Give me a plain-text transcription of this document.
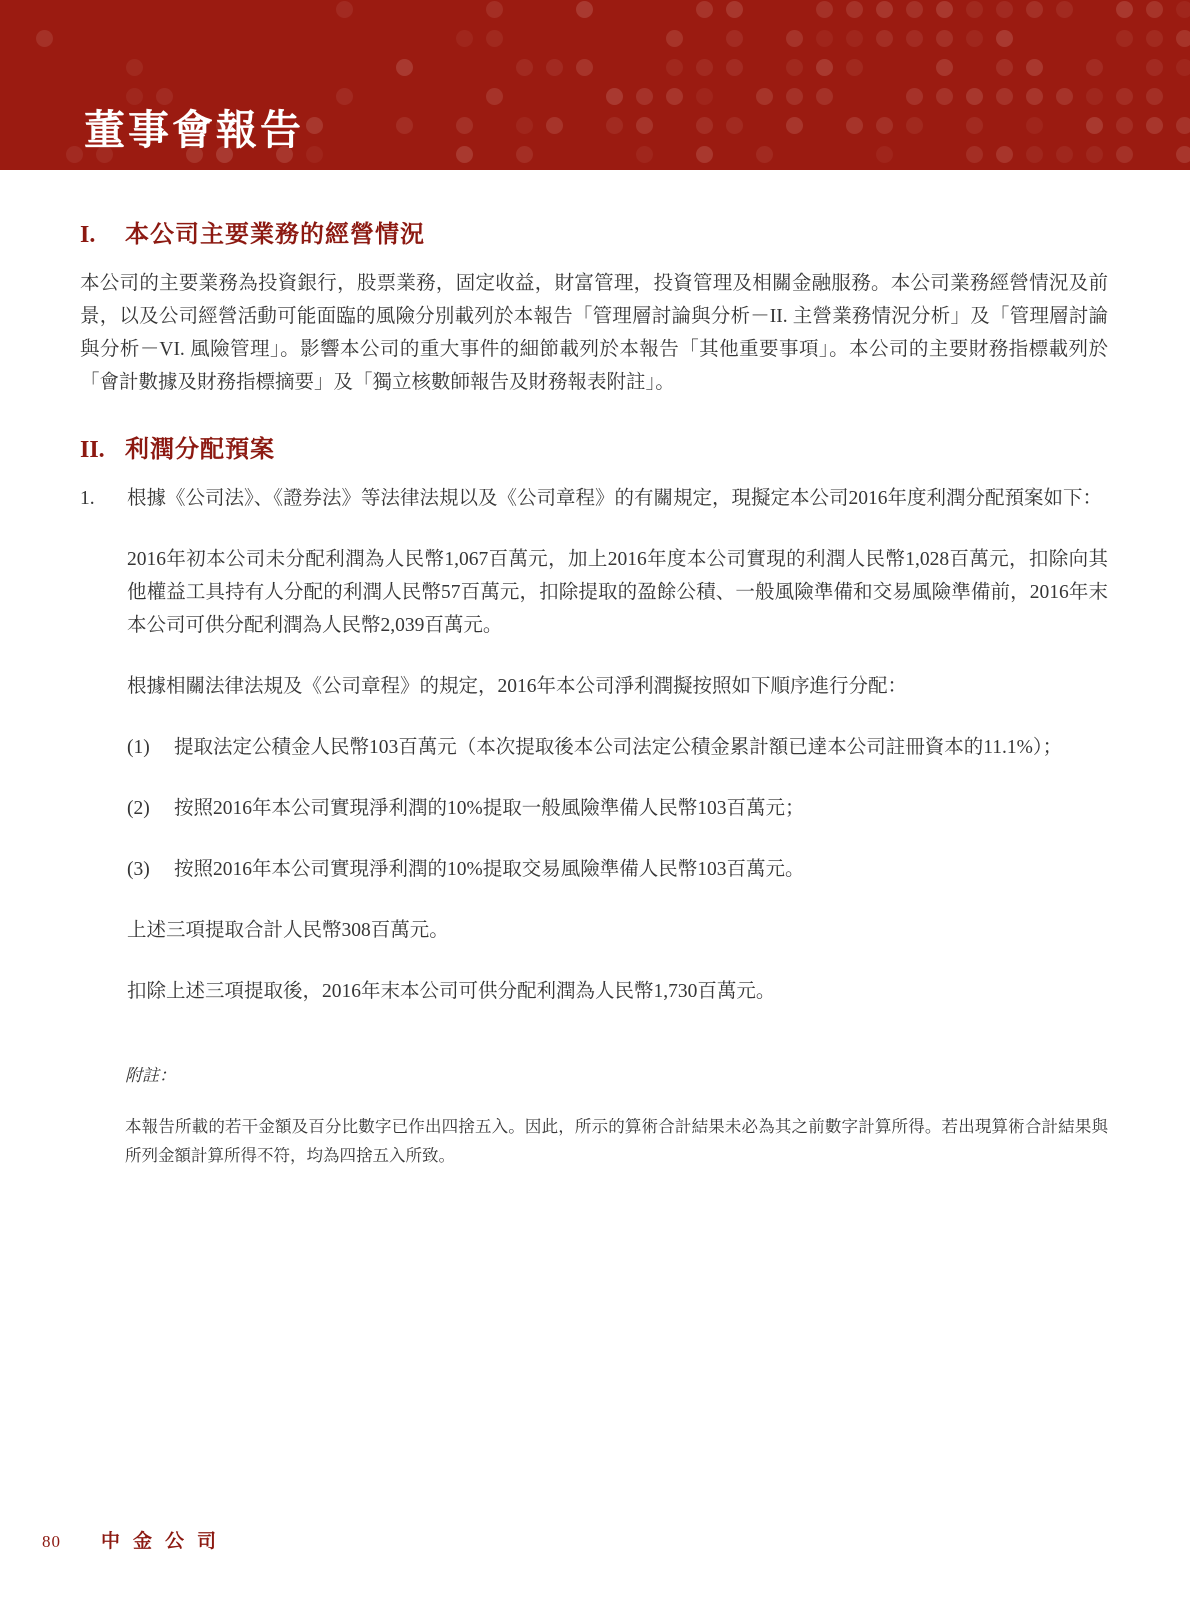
董事會報告
I.	本公司主要業務的經營情況

本公司的主要業務為投資銀行，股票業務，固定收益，財富管理，投資管理及相關金融服務。本公司業務經營情況及前景，以及公司經營活動可能面臨的風險分別載列於本報告「管理層討論與分析－II. 主營業務情況分析」及「管理層討論與分析－VI. 風險管理」。影響本公司的重大事件的細節載列於本報告「其他重要事項」。本公司的主要財務指標載列於「會計數據及財務指標摘要」及「獨立核數師報告及財務報表附註」。

II. 利潤分配預案
1.	根據《公司法》、《證券法》等法律法規以及《公司章程》的有關規定，現擬定本公司2016年度利潤分配預案如下：

2016年初本公司未分配利潤為人民幣1,067百萬元，加上2016年度本公司實現的利潤人民幣1,028百萬元，扣除向其他權益工具持有人分配的利潤人民幣57百萬元，扣除提取的盈餘公積、一般風險準備和交易風險準備前，2016年末本公司可供分配利潤為人民幣2,039百萬元。

根據相關法律法規及《公司章程》的規定，2016年本公司淨利潤擬按照如下順序進行分配：

(1)	提取法定公積金人民幣103百萬元（本次提取後本公司法定公積金累計額已達本公司註冊資本的11.1%）；

(2)	按照2016年本公司實現淨利潤的10%提取一般風險準備人民幣103百萬元；

(3)	按照2016年本公司實現淨利潤的10%提取交易風險準備人民幣103百萬元。

上述三項提取合計人民幣308百萬元。

扣除上述三項提取後，2016年末本公司可供分配利潤為人民幣1,730百萬元。

附註：

本報告所載的若干金額及百分比數字已作出四捨五入。因此，所示的算術合計結果未必為其之前數字計算所得。若出現算術合計結果與所列金額計算所得不符，均為四捨五入所致。

80 中金公司
